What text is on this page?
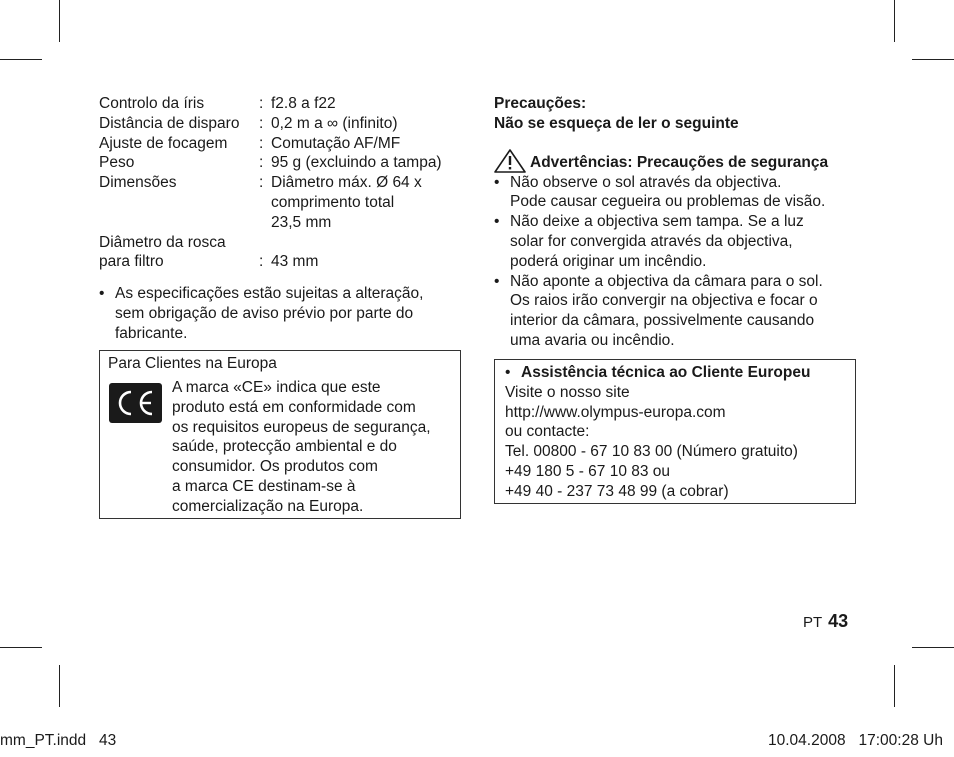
Controlo da íris	: f2.8 a f22
Distância de disparo	: 0,2 m a ∞ (infinito)
Ajuste de focagem	: Comutação AF/MF
Peso	: 95 g (excluindo a tampa)
Dimensões	: Diâmetro máx. Ø 64 x
comprimento total
23,5 mm
Diâmetro da rosca
para filtro	: 43 mm
• As especificações estão sujeitas a alteração,
sem obrigação de aviso prévio por parte do
fabricante.
Para Clientes na Europa
A marca «CE» indica que este
produto está em conformidade com
os requisitos europeus de segurança,
saúde, protecção ambiental e do
consumidor. Os produtos com
a marca CE destinam-se à
comercialização na Europa.
Precauções:
Não se esqueça de ler o seguinte
Advertências: Precauções de segurança
• Não observe o sol através da objectiva.
Pode causar cegueira ou problemas de visão.
• Não deixe a objectiva sem tampa. Se a luz
solar for convergida através da objectiva,
poderá originar um incêndio.
• Não aponte a objectiva da câmara para o sol.
Os raios irão convergir na objectiva e focar o
interior da câmara, possivelmente causando
uma avaria ou incêndio.
• Assistência técnica ao Cliente Europeu
Visite o nosso site
http://www.olympus-europa.com
ou contacte:
Tel. 00800 - 67 10 83 00 (Número gratuito)
+49 180 5 - 67 10 83 ou
+49 40 - 237 73 48 99 (a cobrar)
PT 43
mm_PT.indd   43	10.04.2008   17:00:28 Uh
